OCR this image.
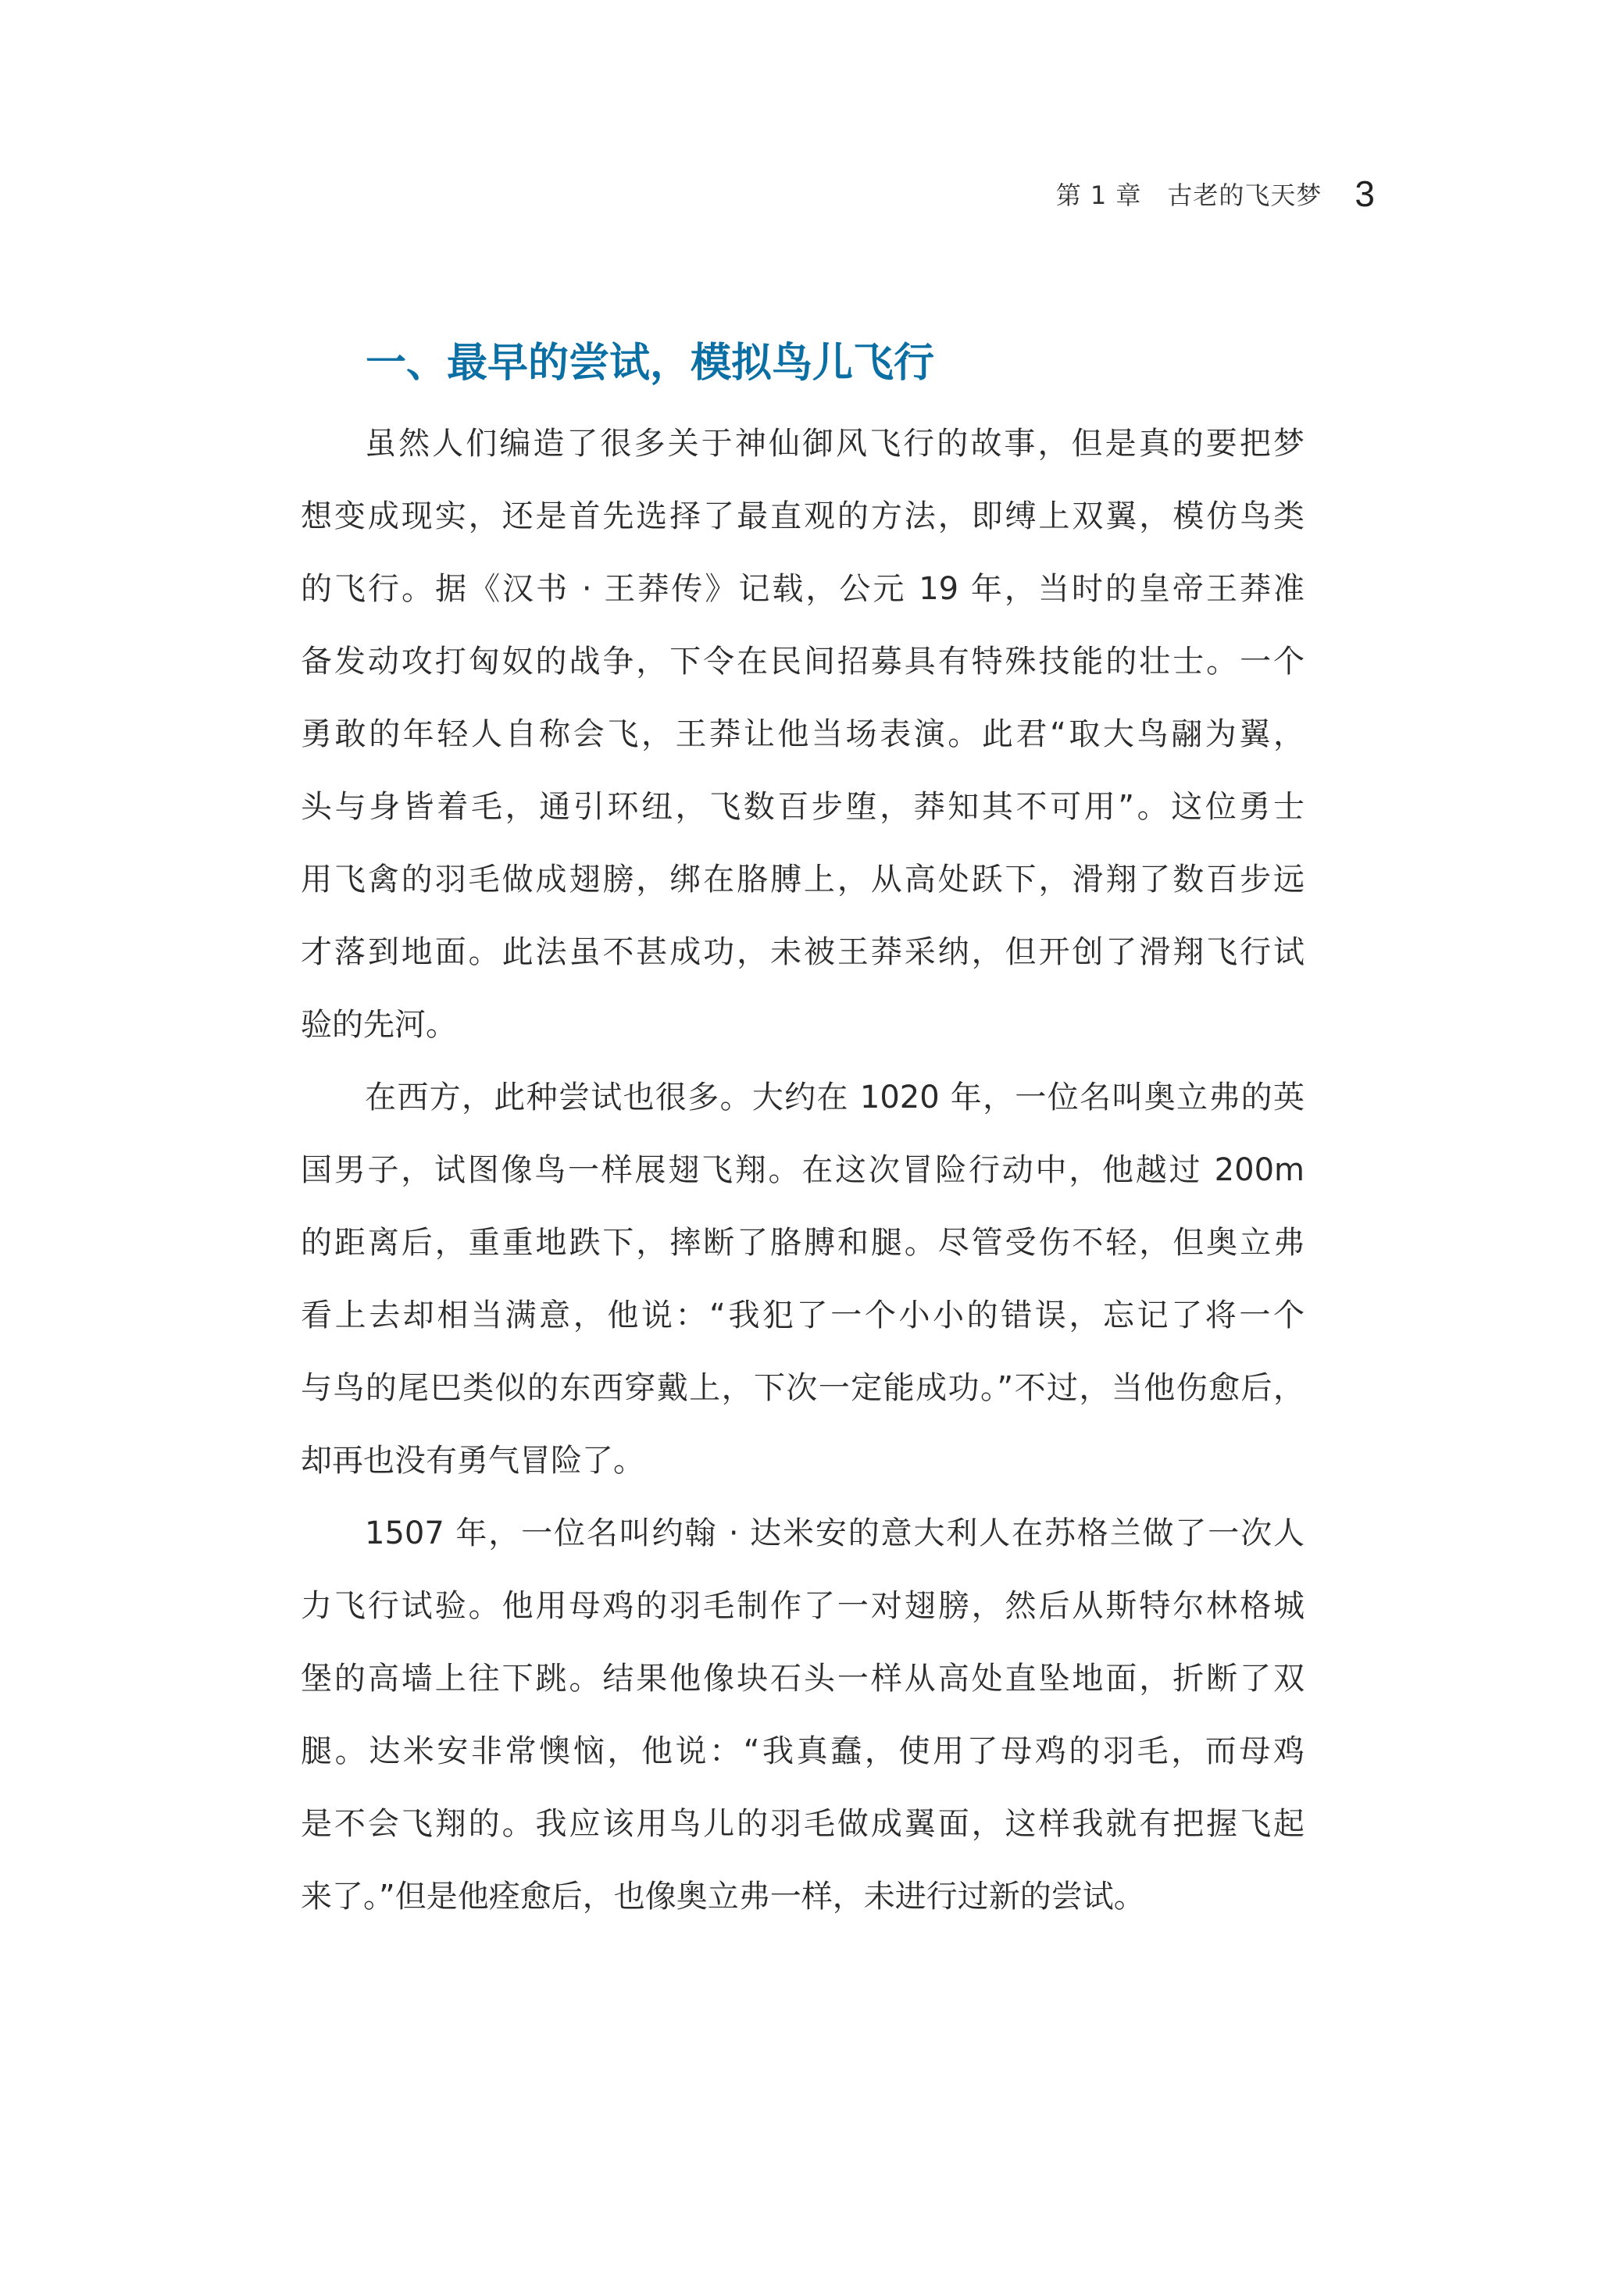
第 1 章　古老的飞天梦 3
一、最早的尝试，模拟鸟儿飞行
虽然人们编造了很多关于神仙御风飞行的故事，但是真的要把梦
想变成现实，还是首先选择了最直观的方法，即缚上双翼，模仿鸟类
的飞行。据《汉书 · 王莽传》记载，公元 19 年，当时的皇帝王莽准
备发动攻打匈奴的战争，下令在民间招募具有特殊技能的壮士。一个
勇敢的年轻人自称会飞，王莽让他当场表演。此君“取大鸟翮为翼，
头与身皆着毛，通引环纽，飞数百步堕，莽知其不可用”。这位勇士
用飞禽的羽毛做成翅膀，绑在胳膊上，从高处跃下，滑翔了数百步远
才落到地面。此法虽不甚成功，未被王莽采纳，但开创了滑翔飞行试
验的先河。
在西方，此种尝试也很多。大约在 1020 年，一位名叫奥立弗的英
国男子，试图像鸟一样展翅飞翔。在这次冒险行动中，他越过 200m
的距离后，重重地跌下，摔断了胳膊和腿。尽管受伤不轻，但奥立弗
看上去却相当满意，他说：“我犯了一个小小的错误，忘记了将一个
与鸟的尾巴类似的东西穿戴上，下次一定能成功。”不过，当他伤愈后，
却再也没有勇气冒险了。
1507 年，一位名叫约翰 · 达米安的意大利人在苏格兰做了一次人
力飞行试验。他用母鸡的羽毛制作了一对翅膀，然后从斯特尔林格城
堡的高墙上往下跳。结果他像块石头一样从高处直坠地面，折断了双
腿。达米安非常懊恼，他说：“我真蠢，使用了母鸡的羽毛，而母鸡
是不会飞翔的。我应该用鸟儿的羽毛做成翼面，这样我就有把握飞起
来了。”但是他痊愈后，也像奥立弗一样，未进行过新的尝试。
